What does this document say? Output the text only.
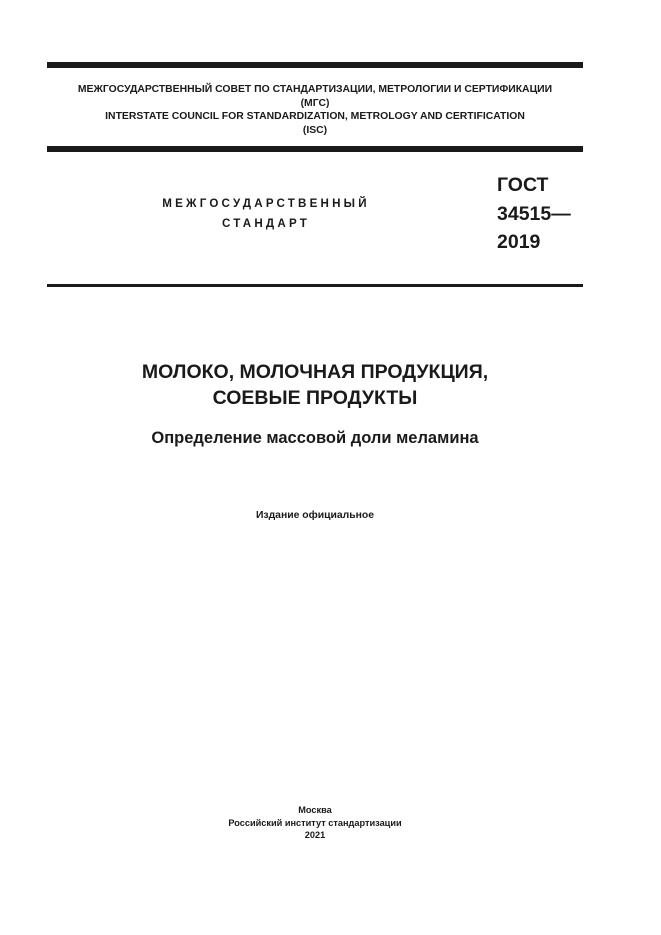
МЕЖГОСУДАРСТВЕННЫЙ СОВЕТ ПО СТАНДАРТИЗАЦИИ, МЕТРОЛОГИИ И СЕРТИФИКАЦИИ
(МГС)
INTERSTATE COUNCIL FOR STANDARDIZATION, METROLOGY AND CERTIFICATION
(ISC)
МЕЖГОСУДАРСТВЕННЫЙ
СТАНДАРТ
ГОСТ
34515—
2019
МОЛОКО, МОЛОЧНАЯ ПРОДУКЦИЯ,
СОЕВЫЕ ПРОДУКТЫ
Определение массовой доли меламина
Издание официальное
Москва
Российский институт стандартизации
2021
